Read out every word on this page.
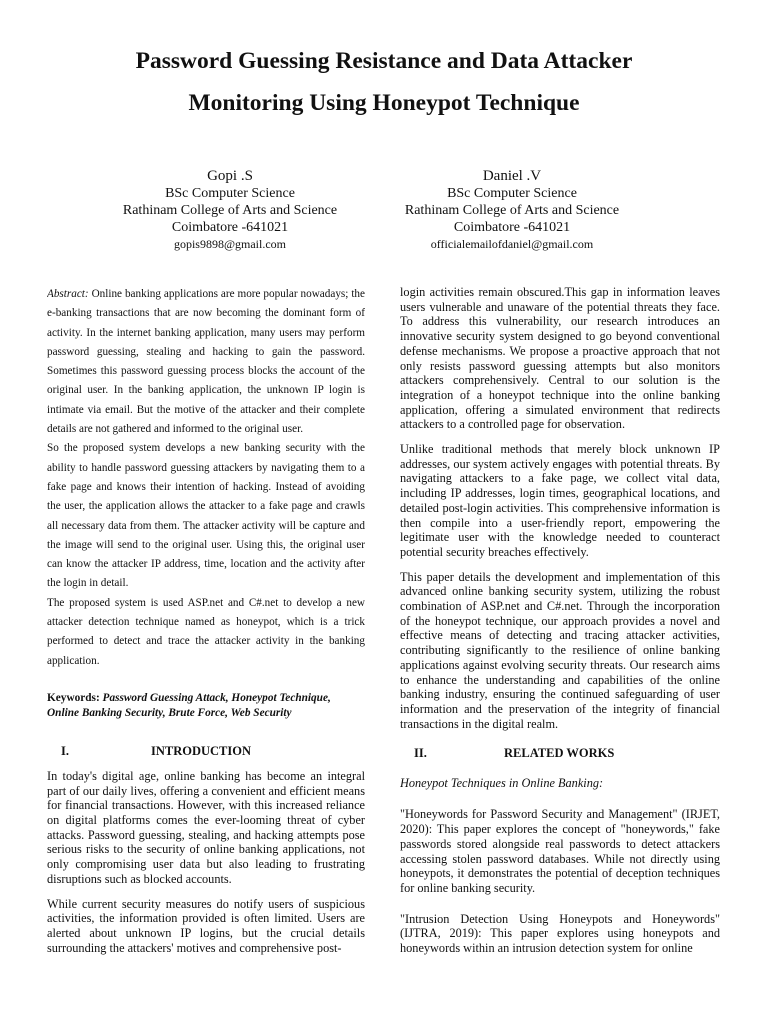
Password Guessing Resistance and Data Attacker
Monitoring Using Honeypot Technique
Gopi .S
BSc Computer Science
Rathinam College of Arts and Science
Coimbatore -641021
gopis9898@gmail.com
Daniel .V
BSc Computer Science
Rathinam College of Arts and Science
Coimbatore -641021
officialemailofdaniel@gmail.com

Abstract: Online banking applications are more popular nowadays; the e-banking transactions that are now becoming the dominant form of activity. In the internet banking application, many users may perform password guessing, stealing and hacking to gain the password. Sometimes this password guessing process blocks the account of the original user. In the banking application, the unknown IP login is intimate via email. But the motive of the attacker and their complete details are not gathered and informed to the original user.

So the proposed system develops a new banking security with the ability to handle password guessing attackers by navigating them to a fake page and knows their intention of hacking. Instead of avoiding the user, the application allows the attacker to a fake page and crawls all necessary data from them. The attacker activity will be capture and the image will send to the original user. Using this, the original user can know the attacker IP address, time, location and the activity after the login in detail.

The proposed system is used ASP.net and C#.net to develop a new attacker detection technique named as honeypot, which is a trick performed to detect and trace the attacker activity in the banking application.

Keywords: Password Guessing Attack, Honeypot Technique, Online Banking Security, Brute Force, Web Security

I.	INTRODUCTION

In today's digital age, online banking has become an integral part of our daily lives, offering a convenient and efficient means for financial transactions. However, with this increased reliance on digital platforms comes the ever-looming threat of cyber attacks. Password guessing, stealing, and hacking attempts pose serious risks to the security of online banking applications, not only compromising user data but also leading to frustrating disruptions such as blocked accounts.

While current security measures do notify users of suspicious activities, the information provided is often limited. Users are alerted about unknown IP logins, but the crucial details surrounding the attackers' motives and comprehensive post-

login activities remain obscured.This gap in information leaves users vulnerable and unaware of the potential threats they face. To address this vulnerability, our research introduces an innovative security system designed to go beyond conventional defense mechanisms. We propose a proactive approach that not only resists password guessing attempts but also monitors attackers comprehensively. Central to our solution is the integration of a honeypot technique into the online banking application, offering a simulated environment that redirects attackers to a controlled page for observation.

Unlike traditional methods that merely block unknown IP addresses, our system actively engages with potential threats. By navigating attackers to a fake page, we collect vital data, including IP addresses, login times, geographical locations, and detailed post-login activities. This comprehensive information is then compile into a user-friendly report, empowering the legitimate user with the knowledge needed to counteract potential security breaches effectively.

This paper details the development and implementation of this advanced online banking security system, utilizing the robust combination of ASP.net and C#.net. Through the incorporation of the honeypot technique, our approach provides a novel and effective means of detecting and tracing attacker activities, contributing significantly to the resilience of online banking applications against evolving security threats. Our research aims to enhance the understanding and capabilities of the online banking industry, ensuring the continued safeguarding of user information and the preservation of the integrity of financial transactions in the digital realm.

II.	RELATED WORKS

Honeypot Techniques in Online Banking:

"Honeywords for Password Security and Management" (IRJET, 2020): This paper explores the concept of "honeywords," fake passwords stored alongside real passwords to detect attackers accessing stolen password databases. While not directly using honeypots, it demonstrates the potential of deception techniques for online banking security.

"Intrusion Detection Using Honeypots and Honeywords" (IJTRA, 2019): This paper explores using honeypots and honeywords within an intrusion detection system for online
